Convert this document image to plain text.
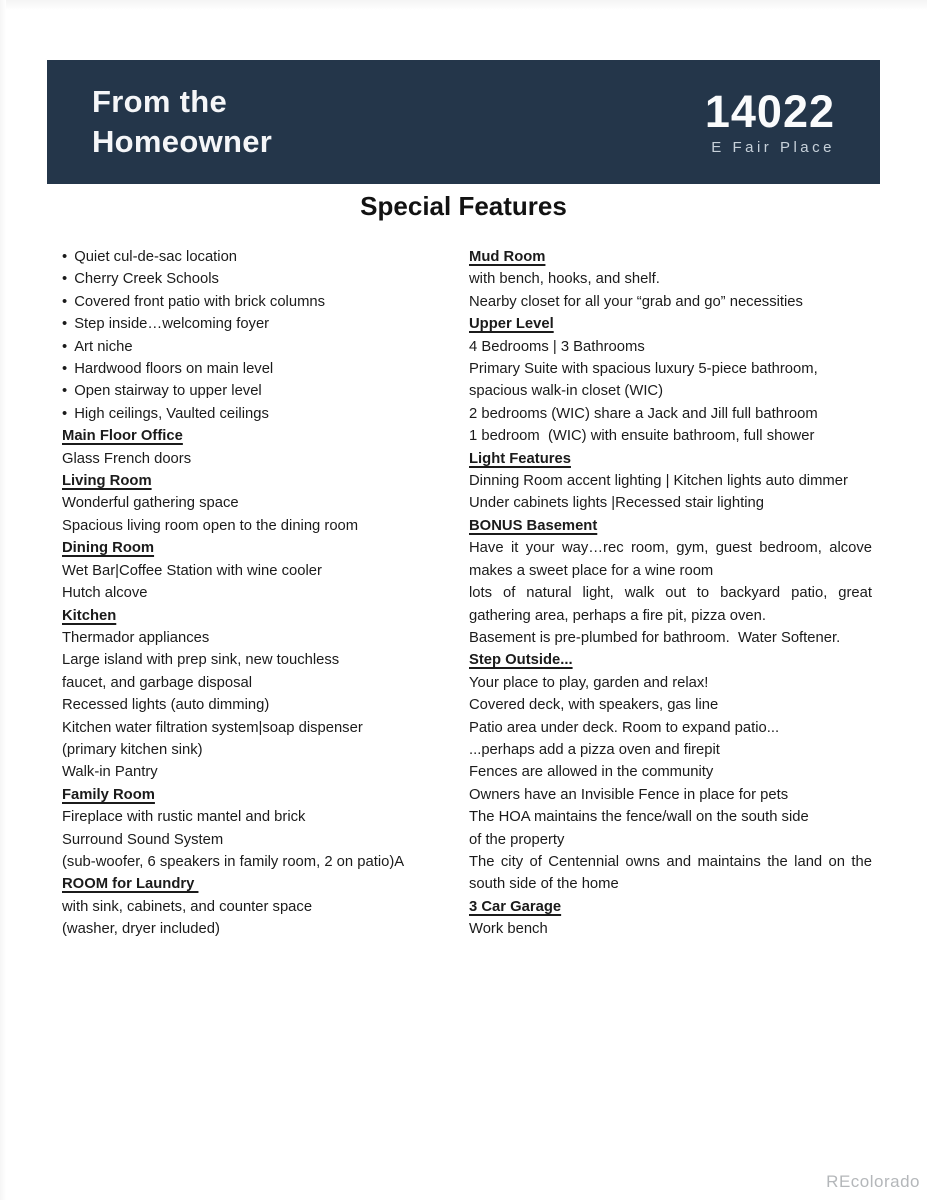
From the
Homeowner
14022
E Fair Place
Special Features
• Quiet cul-de-sac location
• Cherry Creek Schools
• Covered front patio with brick columns
• Step inside…welcoming foyer
• Art niche
• Hardwood floors on main level
• Open stairway to upper level
• High ceilings, Vaulted ceilings
Main Floor Office
Glass French doors
Living Room
Wonderful gathering space
Spacious living room open to the dining room
Dining Room
Wet Bar|Coffee Station with wine cooler
Hutch alcove
Kitchen
Thermador appliances
Large island with prep sink, new touchless
faucet, and garbage disposal
Recessed lights (auto dimming)
Kitchen water filtration system|soap dispenser
(primary kitchen sink)
Walk-in Pantry
Family Room
Fireplace with rustic mantel and brick
Surround Sound System
(sub-woofer, 6 speakers in family room, 2 on patio)A
ROOM for Laundry
with sink, cabinets, and counter space
(washer, dryer included)
Mud Room
with bench, hooks, and shelf.
Nearby closet for all your “grab and go” necessities
Upper Level
4 Bedrooms | 3 Bathrooms
Primary Suite with spacious luxury 5-piece bathroom,
spacious walk-in closet (WIC)
2 bedrooms (WIC) share a Jack and Jill full bathroom
1 bedroom  (WIC) with ensuite bathroom, full shower
Light Features
Dinning Room accent lighting | Kitchen lights auto dimmer
Under cabinets lights |Recessed stair lighting
BONUS Basement
Have it your way…rec room, gym, guest bedroom, alcove
makes a sweet place for a wine room
lots of natural light, walk out to backyard patio, great
gathering area, perhaps a fire pit, pizza oven.
Basement is pre-plumbed for bathroom.  Water Softener.
Step Outside...
Your place to play, garden and relax!
Covered deck, with speakers, gas line
Patio area under deck. Room to expand patio...
...perhaps add a pizza oven and firepit
Fences are allowed in the community
Owners have an Invisible Fence in place for pets
The HOA maintains the fence/wall on the south side
of the property
The city of Centennial owns and maintains the land on the
south side of the home
3 Car Garage
Work bench
REcolorado
